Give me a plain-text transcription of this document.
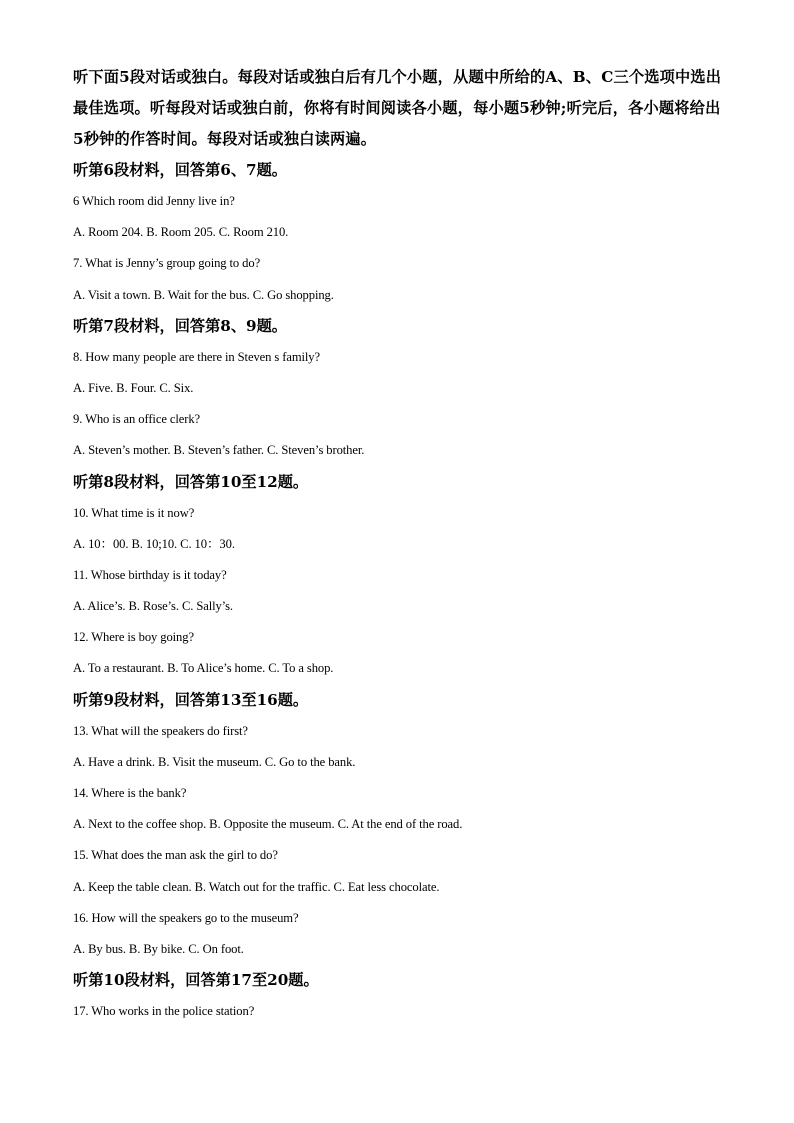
听下面5段对话或独白。每段对话或独白后有几个小题，从题中所给的A、B、C三个选项中选出最佳选项。听每段对话或独白前，你将有时间阅读各小题，每小题5秒钟;听完后，各小题将给出5秒钟的作答时间。每段对话或独白读两遍。

听第6段材料，回答第6、7题。

6 Which room did Jenny live in?

A. Room 204. B. Room 205. C. Room 210.

7. What is Jenny’s group going to do?

A. Visit a town. B. Wait for the bus. C. Go shopping.

听第7段材料，回答第8、9题。

8. How many people are there in Steven s family?

A. Five. B. Four. C. Six.

9. Who is an office clerk?

A. Steven’s mother. B. Steven’s father. C. Steven’s brother.

听第8段材料，回答第10至12题。

10. What time is it now?

A. 10：00. B. 10;10. C. 10：30.

11. Whose birthday is it today?

A. Alice’s. B. Rose’s. C. Sally’s.

12. Where is boy going?

A. To a restaurant. B. To Alice’s home. C. To a shop.

听第9段材料，回答第13至16题。

13. What will the speakers do first?

A. Have a drink. B. Visit the museum. C. Go to the bank.

14. Where is the bank?

A. Next to the coffee shop. B. Opposite the museum. C. At the end of the road.

15. What does the man ask the girl to do?

A. Keep the table clean. B. Watch out for the traffic. C. Eat less chocolate.

16. How will the speakers go to the museum?

A. By bus. B. By bike. C. On foot.

听第10段材料，回答第17至20题。

17. Who works in the police station?
